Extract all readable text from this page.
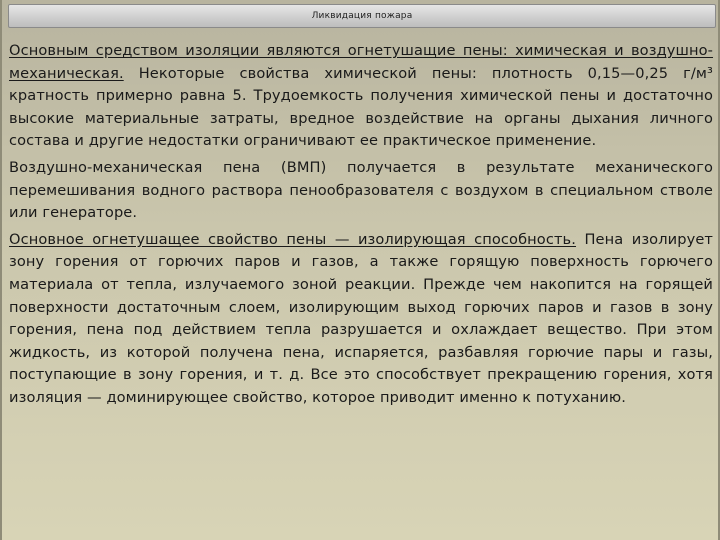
Ликвидация пожара

Основным средством изоляции являются огнетушащие пены: химическая и воздушно-механическая. Некоторые свойства химической пены: плотность 0,15—0,25 г/м³ кратность примерно равна 5. Трудоемкость получения химической пены и достаточно высокие материальные затраты, вредное воздействие на органы дыхания личного состава и другие недостатки ограничивают ее практическое применение.

Воздушно-механическая пена (ВМП) получается в результате механического перемешивания водного раствора пенообразователя с воздухом в специальном стволе или генераторе.

Основное огнетушащее свойство пены — изолирующая способность. Пена изолирует зону горения от горючих паров и газов, а также горящую поверхность горючего материала от тепла, излучаемого зоной реакции. Прежде чем накопится на горящей поверхности достаточным слоем, изолирующим выход горючих паров и газов в зону горения, пена под действием тепла разрушается и охлаждает вещество. При этом жидкость, из которой получена пена, испаряется, разбавляя горючие пары и газы, поступающие в зону горения, и т. д. Все это способствует прекращению горения, хотя изоляция — доминирующее свойство, которое приводит именно к потуханию.
